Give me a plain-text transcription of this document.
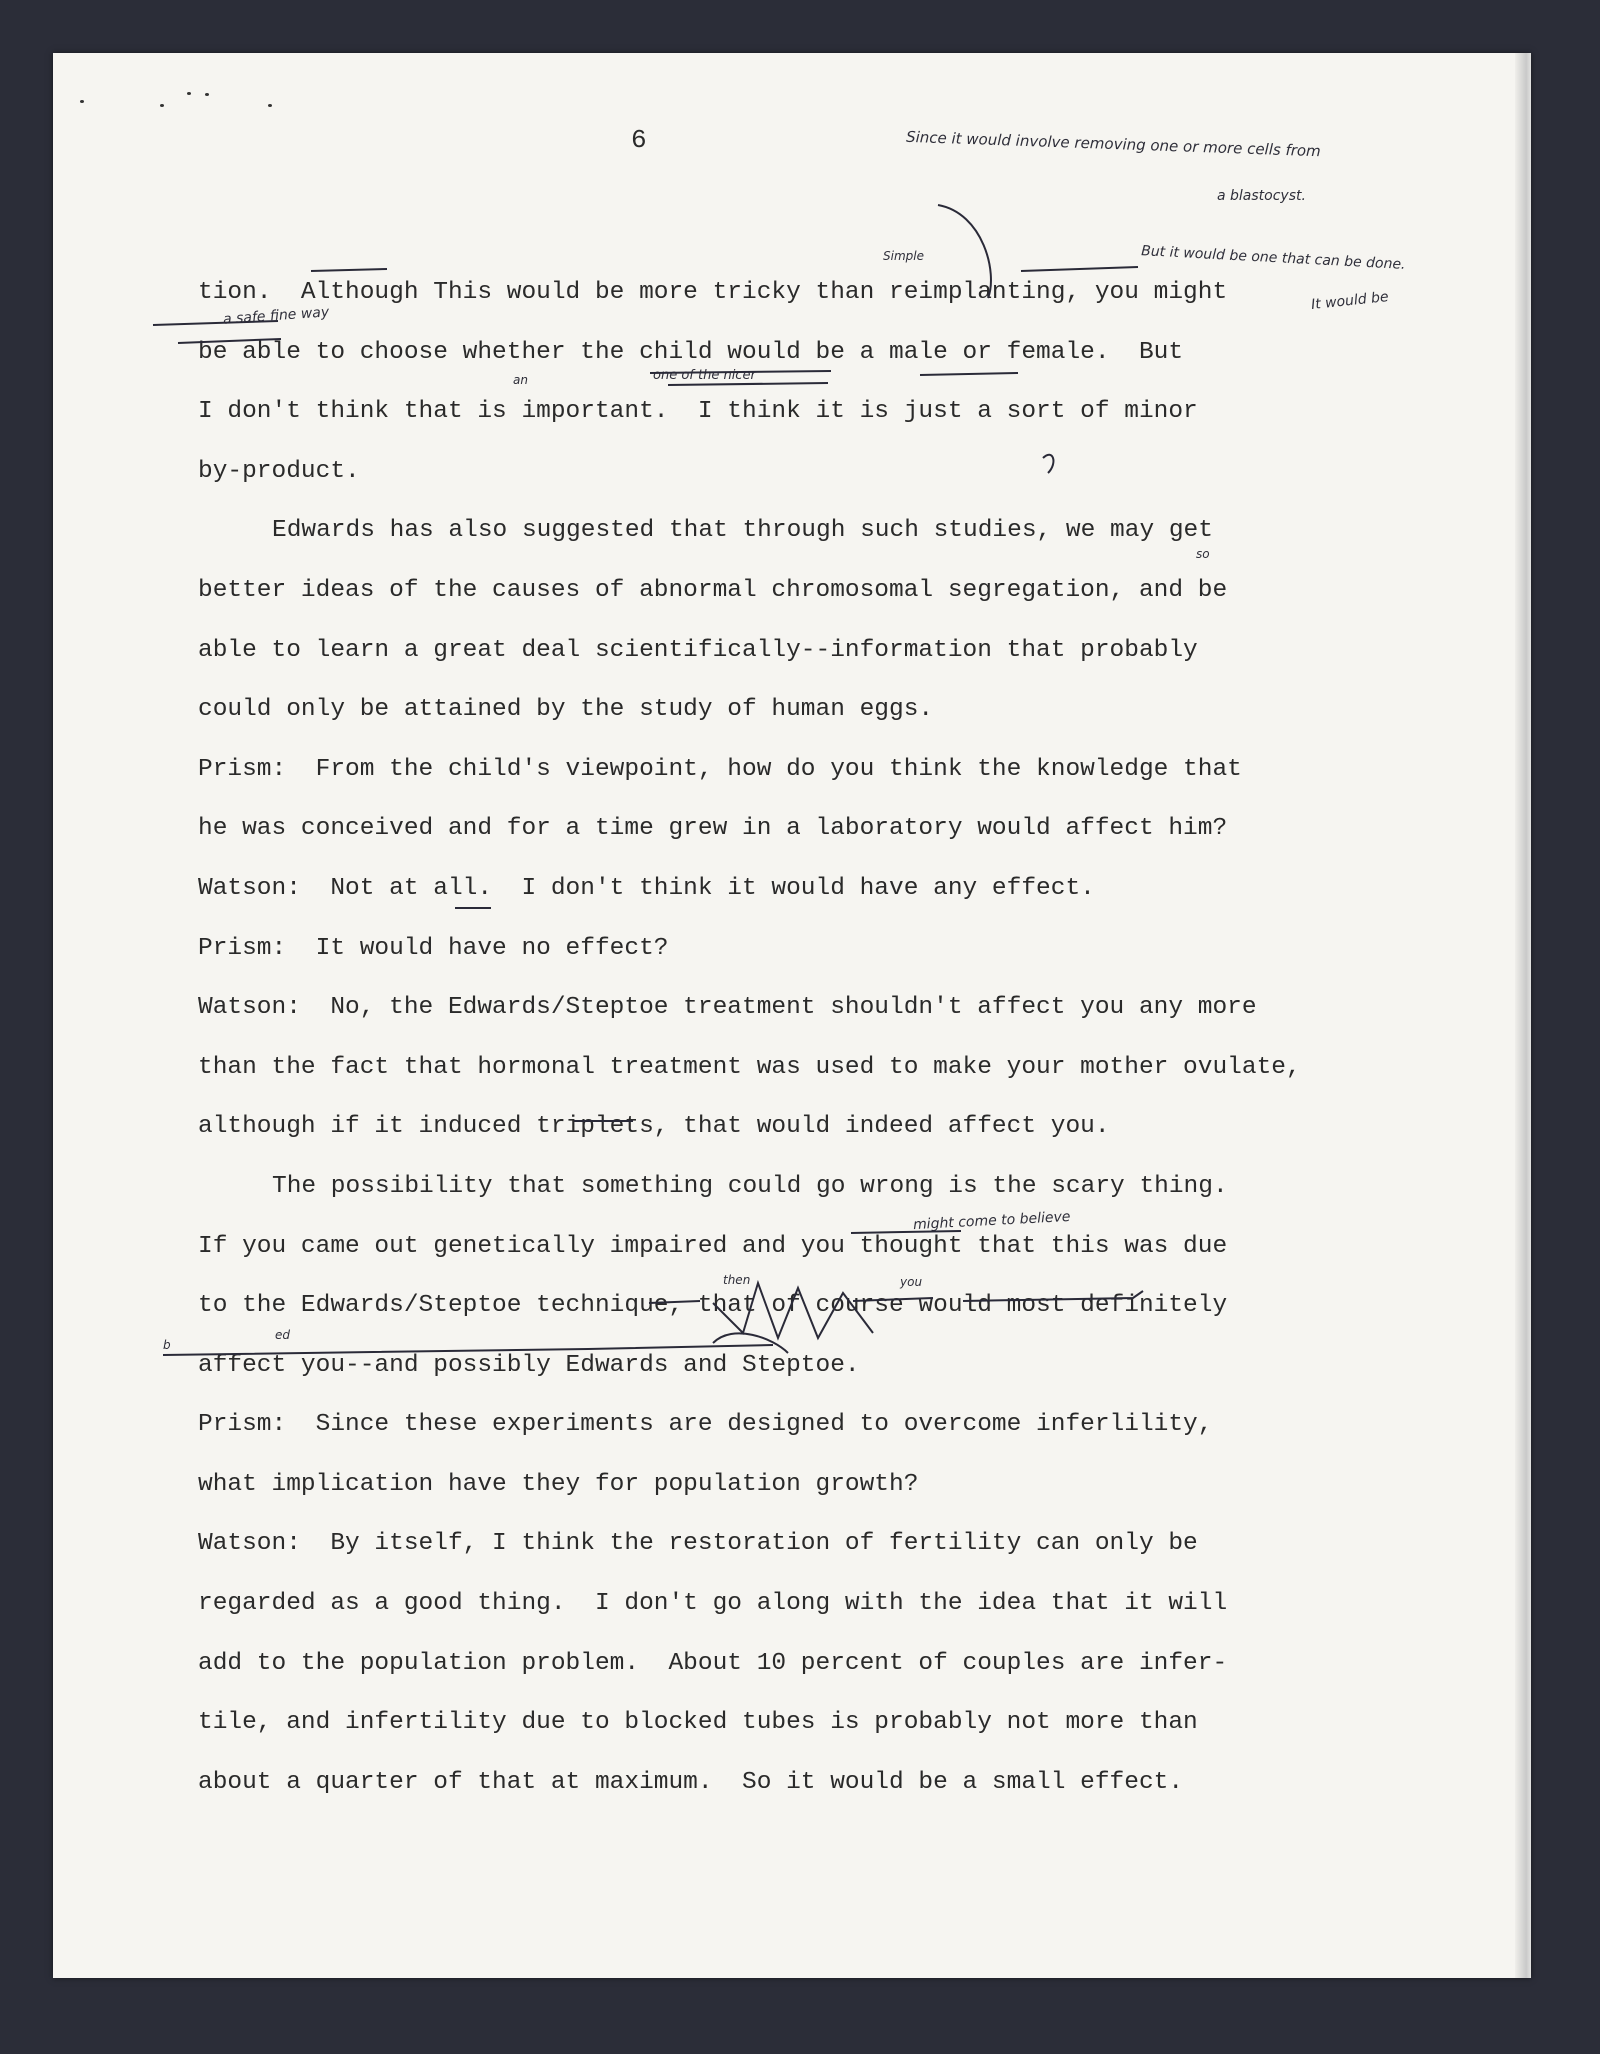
6
tion.  Although This would be more tricky than reimplanting, you might
be able to choose whether the child would be a male or female.  But
I don't think that is important.  I think it is just a sort of minor
by-product.
Edwards has also suggested that through such studies, we may get
better ideas of the causes of abnormal chromosomal segregation, and be
able to learn a great deal scientifically--information that probably
could only be attained by the study of human eggs.
Prism:  From the child's viewpoint, how do you think the knowledge that
he was conceived and for a time grew in a laboratory would affect him?
Watson:  Not at all.  I don't think it would have any effect.
Prism:  It would have no effect?
Watson:  No, the Edwards/Steptoe treatment shouldn't affect you any more
than the fact that hormonal treatment was used to make your mother ovulate,
although if it induced triplets, that would indeed affect you.
The possibility that something could go wrong is the scary thing.
If you came out genetically impaired and you thought that this was due
to the Edwards/Steptoe technique, that of course would most definitely
affect you--and possibly Edwards and Steptoe.
Prism:  Since these experiments are designed to overcome inferlility,
what implication have they for population growth?
Watson:  By itself, I think the restoration of fertility can only be
regarded as a good thing.  I don't go along with the idea that it will
add to the population problem.  About 10 percent of couples are infer-
tile, and infertility due to blocked tubes is probably not more than
about a quarter of that at maximum.  So it would be a small effect.
Since it would involve removing one or more cells from
a blastocyst.
But it would be one that can be done.
It would be
Simple
a safe fine way
an	one of the nicer
so
might come to believe
then	you
ed
b
